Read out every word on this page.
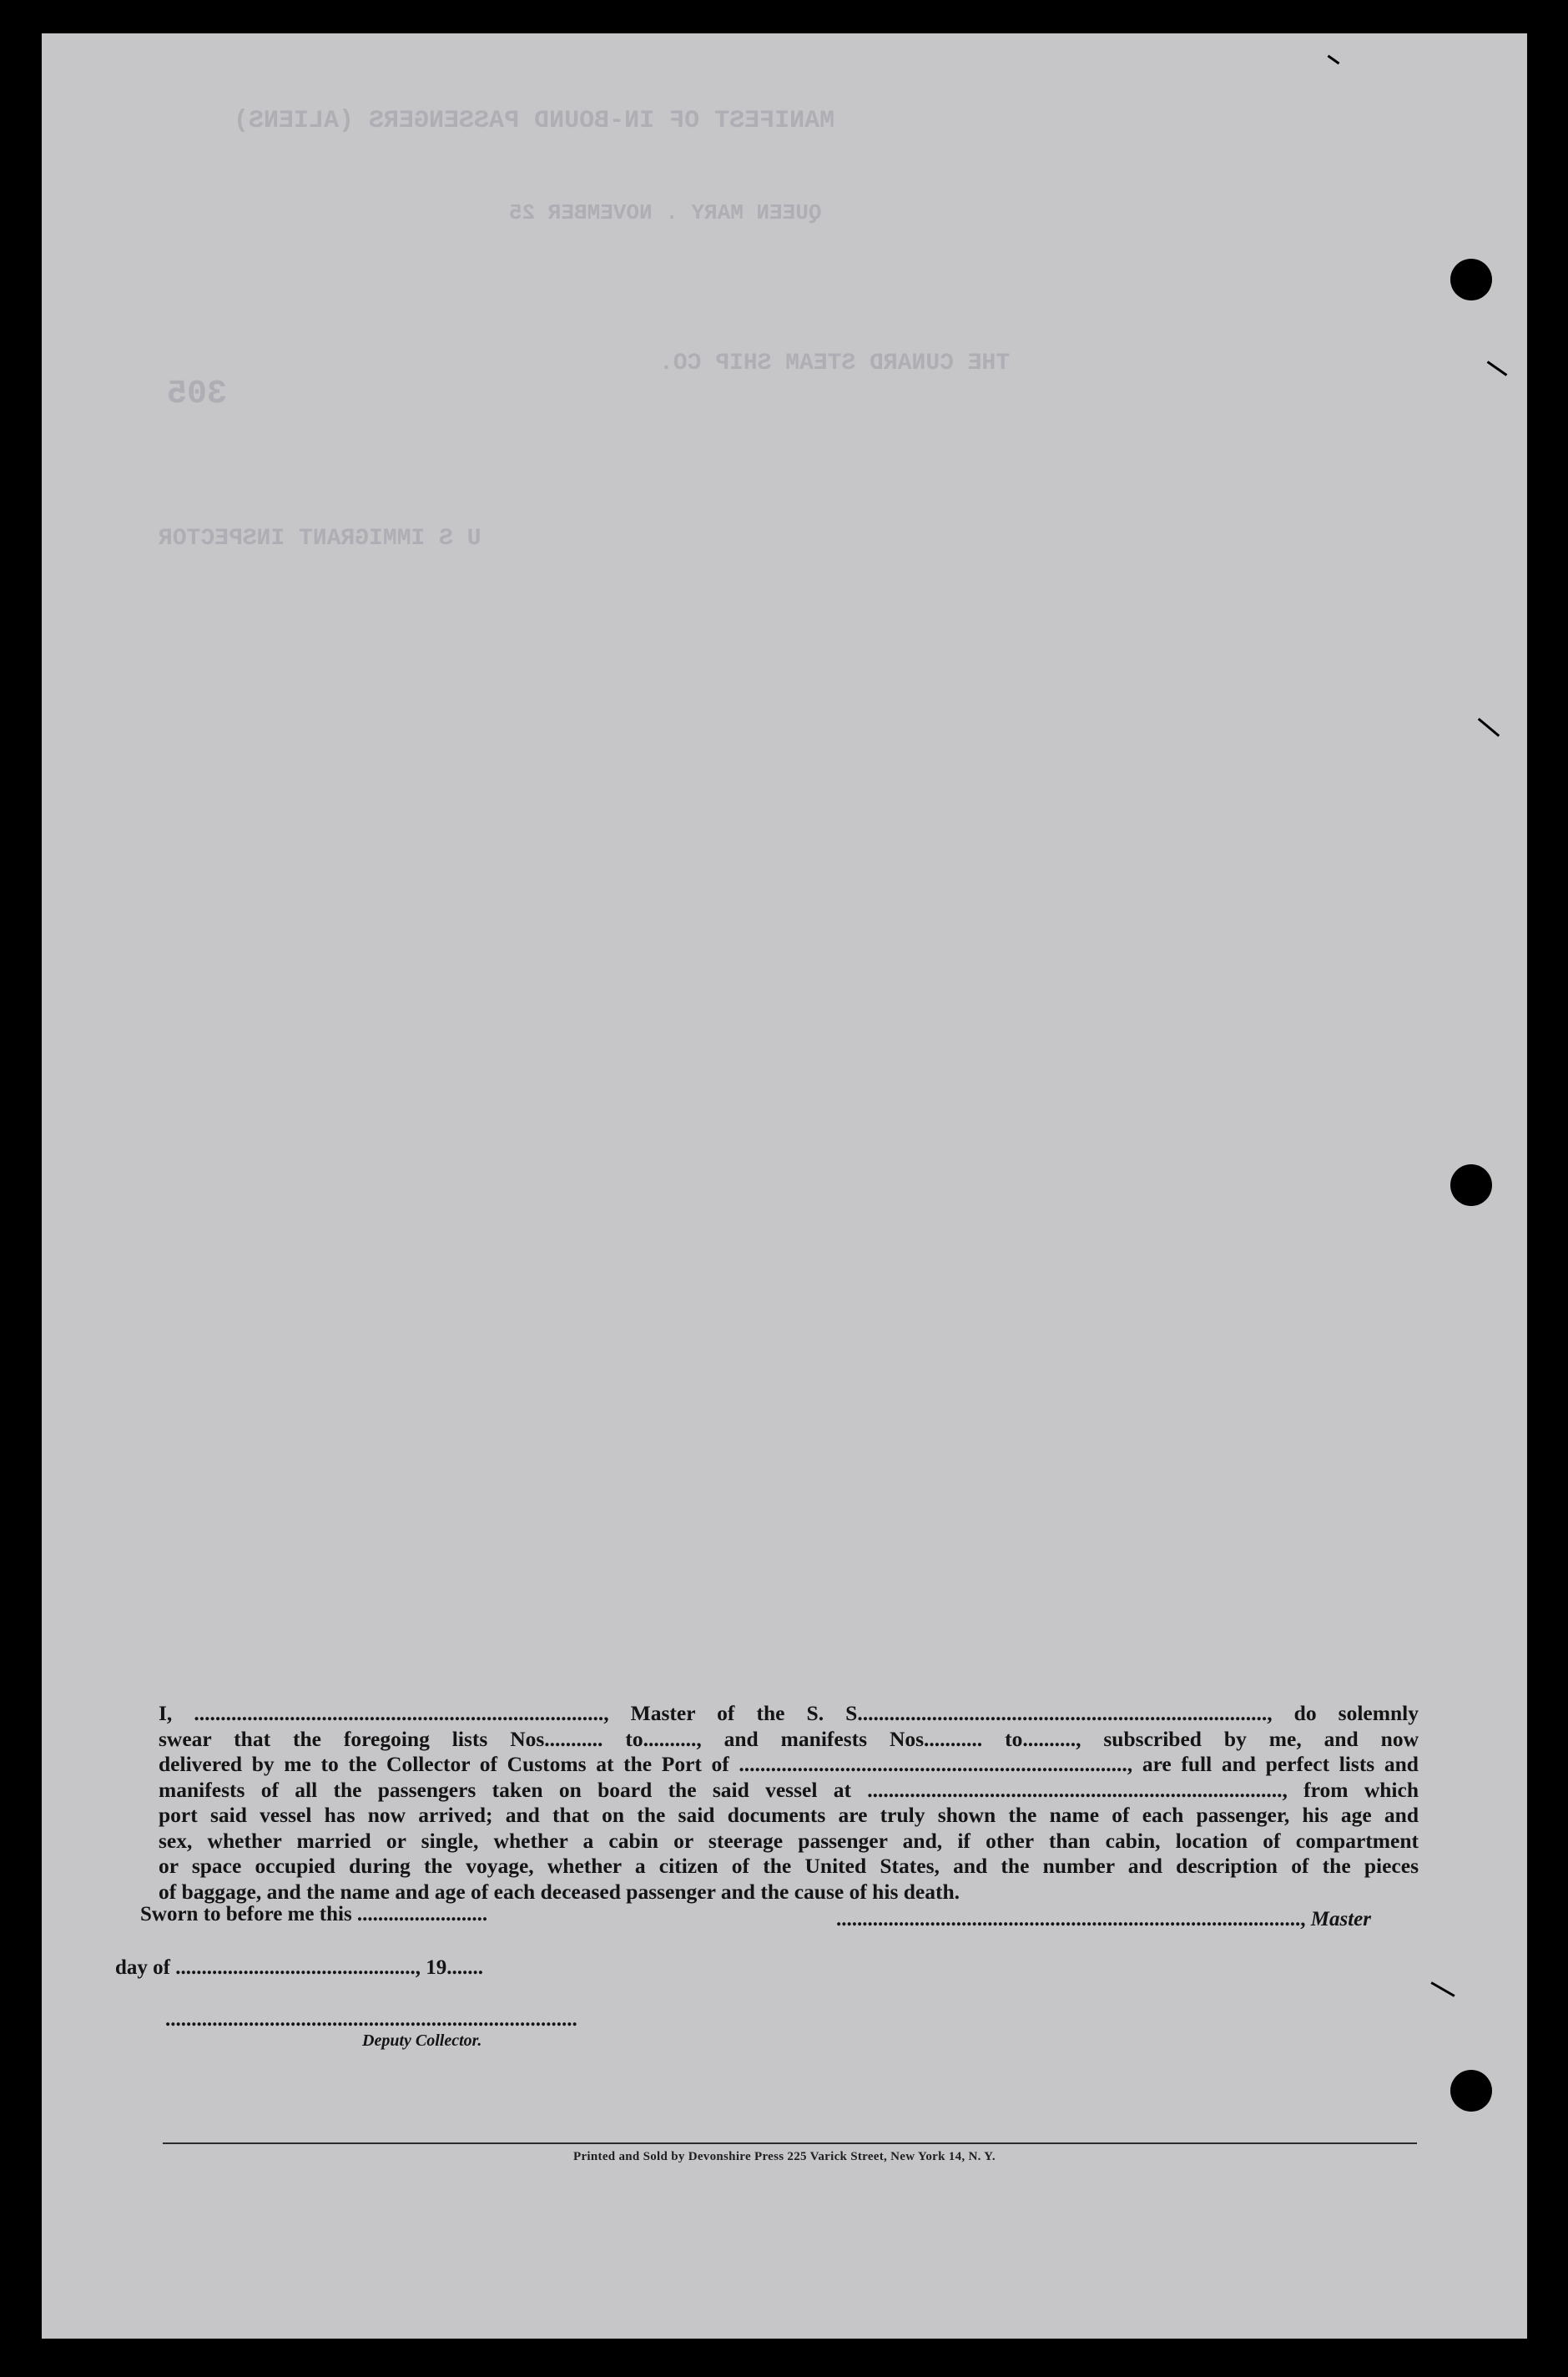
MANIFEST OF IN-BOUND PASSENGERS (ALIENS)
QUEEN MARY . NOVEMBER 25
305
THE CUNARD STEAM SHIP CO.
U S IMMIGRANT INSPECTOR
I, ............................................................................., Master of the S. S............................................................................., do solemnly
swear that the foregoing lists Nos........... to.........., and manifests Nos........... to.........., subscribed by me, and now
delivered by me to the Collector of Customs at the Port of ........................................................................., are full and perfect lists and
manifests of all the passengers taken on board the said vessel at .............................................................................., from which
port said vessel has now arrived; and that on the said documents are truly shown the name of each passenger, his age and
sex, whether married or single, whether a cabin or steerage passenger and, if other than cabin, location of compartment
or space occupied during the voyage, whether a citizen of the United States, and the number and description of the pieces
of baggage, and the name and age of each deceased passenger and the cause of his death.
Sworn to before me this .........................	........................................................................................., Master
day of .............................................., 19.......
...............................................................................
Deputy Collector.
Printed and Sold by Devonshire Press 225 Varick Street, New York 14, N. Y.
